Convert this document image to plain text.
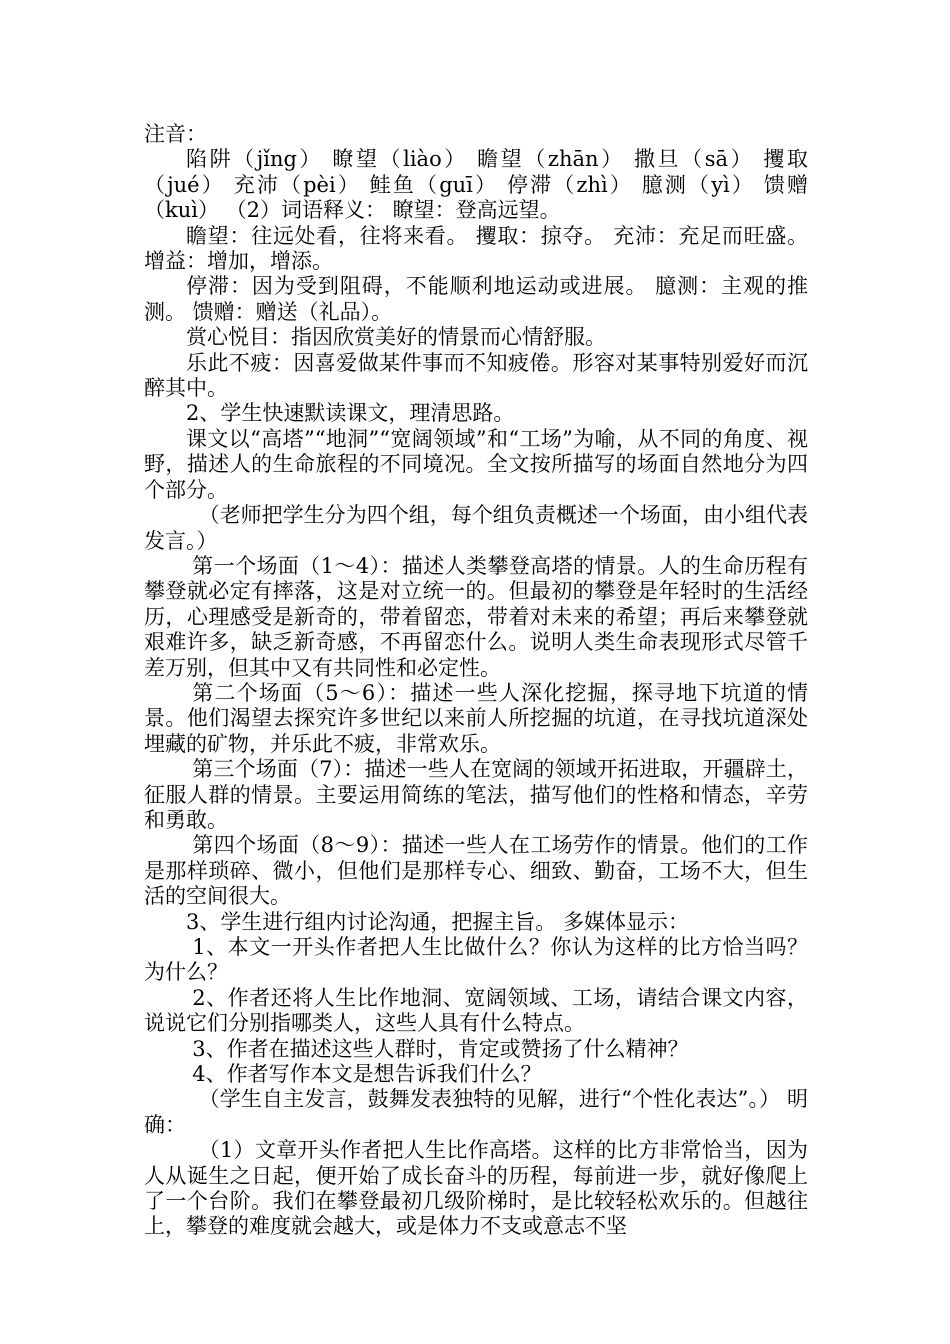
注音：

陷阱（jǐng） 瞭望（liào） 瞻望（zhān） 撒旦（sā） 攫取（jué） 充沛（pèi） 鲑鱼（guī） 停滞（zhì） 臆测（yì） 馈赠（kuì） （2）词语释义： 瞭望：登高远望。

瞻望：往远处看，往将来看。 攫取：掠夺。 充沛：充足而旺盛。 增益：增加，增添。

停滞：因为受到阻碍，不能顺利地运动或进展。 臆测：主观的推测。 馈赠：赠送（礼品）。

赏心悦目：指因欣赏美好的情景而心情舒服。

乐此不疲：因喜爱做某件事而不知疲倦。形容对某事特别爱好而沉醉其中。

2、学生快速默读课文，理清思路。

课文以“高塔”“地洞”“宽阔领域”和“工场”为喻，从不同的角度、视野，描述人的生命旅程的不同境况。全文按所描写的场面自然地分为四个部分。

（老师把学生分为四个组，每个组负责概述一个场面，由小组代表发言。）

第一个场面（1～4）：描述人类攀登高塔的情景。人的生命历程有攀登就必定有摔落，这是对立统一的。但最初的攀登是年轻时的生活经历，心理感受是新奇的，带着留恋，带着对未来的希望；再后来攀登就艰难许多，缺乏新奇感，不再留恋什么。说明人类生命表现形式尽管千差万别，但其中又有共同性和必定性。

第二个场面（5～6）：描述一些人深化挖掘，探寻地下坑道的情景。他们渴望去探究许多世纪以来前人所挖掘的坑道，在寻找坑道深处埋藏的矿物，并乐此不疲，非常欢乐。

第三个场面（7）：描述一些人在宽阔的领域开拓进取，开疆辟土，征服人群的情景。主要运用简练的笔法，描写他们的性格和情态，辛劳和勇敢。

第四个场面（8～9）：描述一些人在工场劳作的情景。他们的工作是那样琐碎、微小，但他们是那样专心、细致、勤奋，工场不大，但生活的空间很大。

3、学生进行组内讨论沟通，把握主旨。 多媒体显示：

1、本文一开头作者把人生比做什么？你认为这样的比方恰当吗？为什么？

2、作者还将人生比作地洞、宽阔领域、工场，请结合课文内容，说说它们分别指哪类人，这些人具有什么特点。

3、作者在描述这些人群时，肯定或赞扬了什么精神？

4、作者写作本文是想告诉我们什么？

（学生自主发言，鼓舞发表独特的见解，进行“个性化表达”。） 明确：

（1）文章开头作者把人生比作高塔。这样的比方非常恰当，因为人从诞生之日起，便开始了成长奋斗的历程，每前进一步，就好像爬上了一个台阶。我们在攀登最初几级阶梯时，是比较轻松欢乐的。但越往上，攀登的难度就会越大，或是体力不支或意志不坚
